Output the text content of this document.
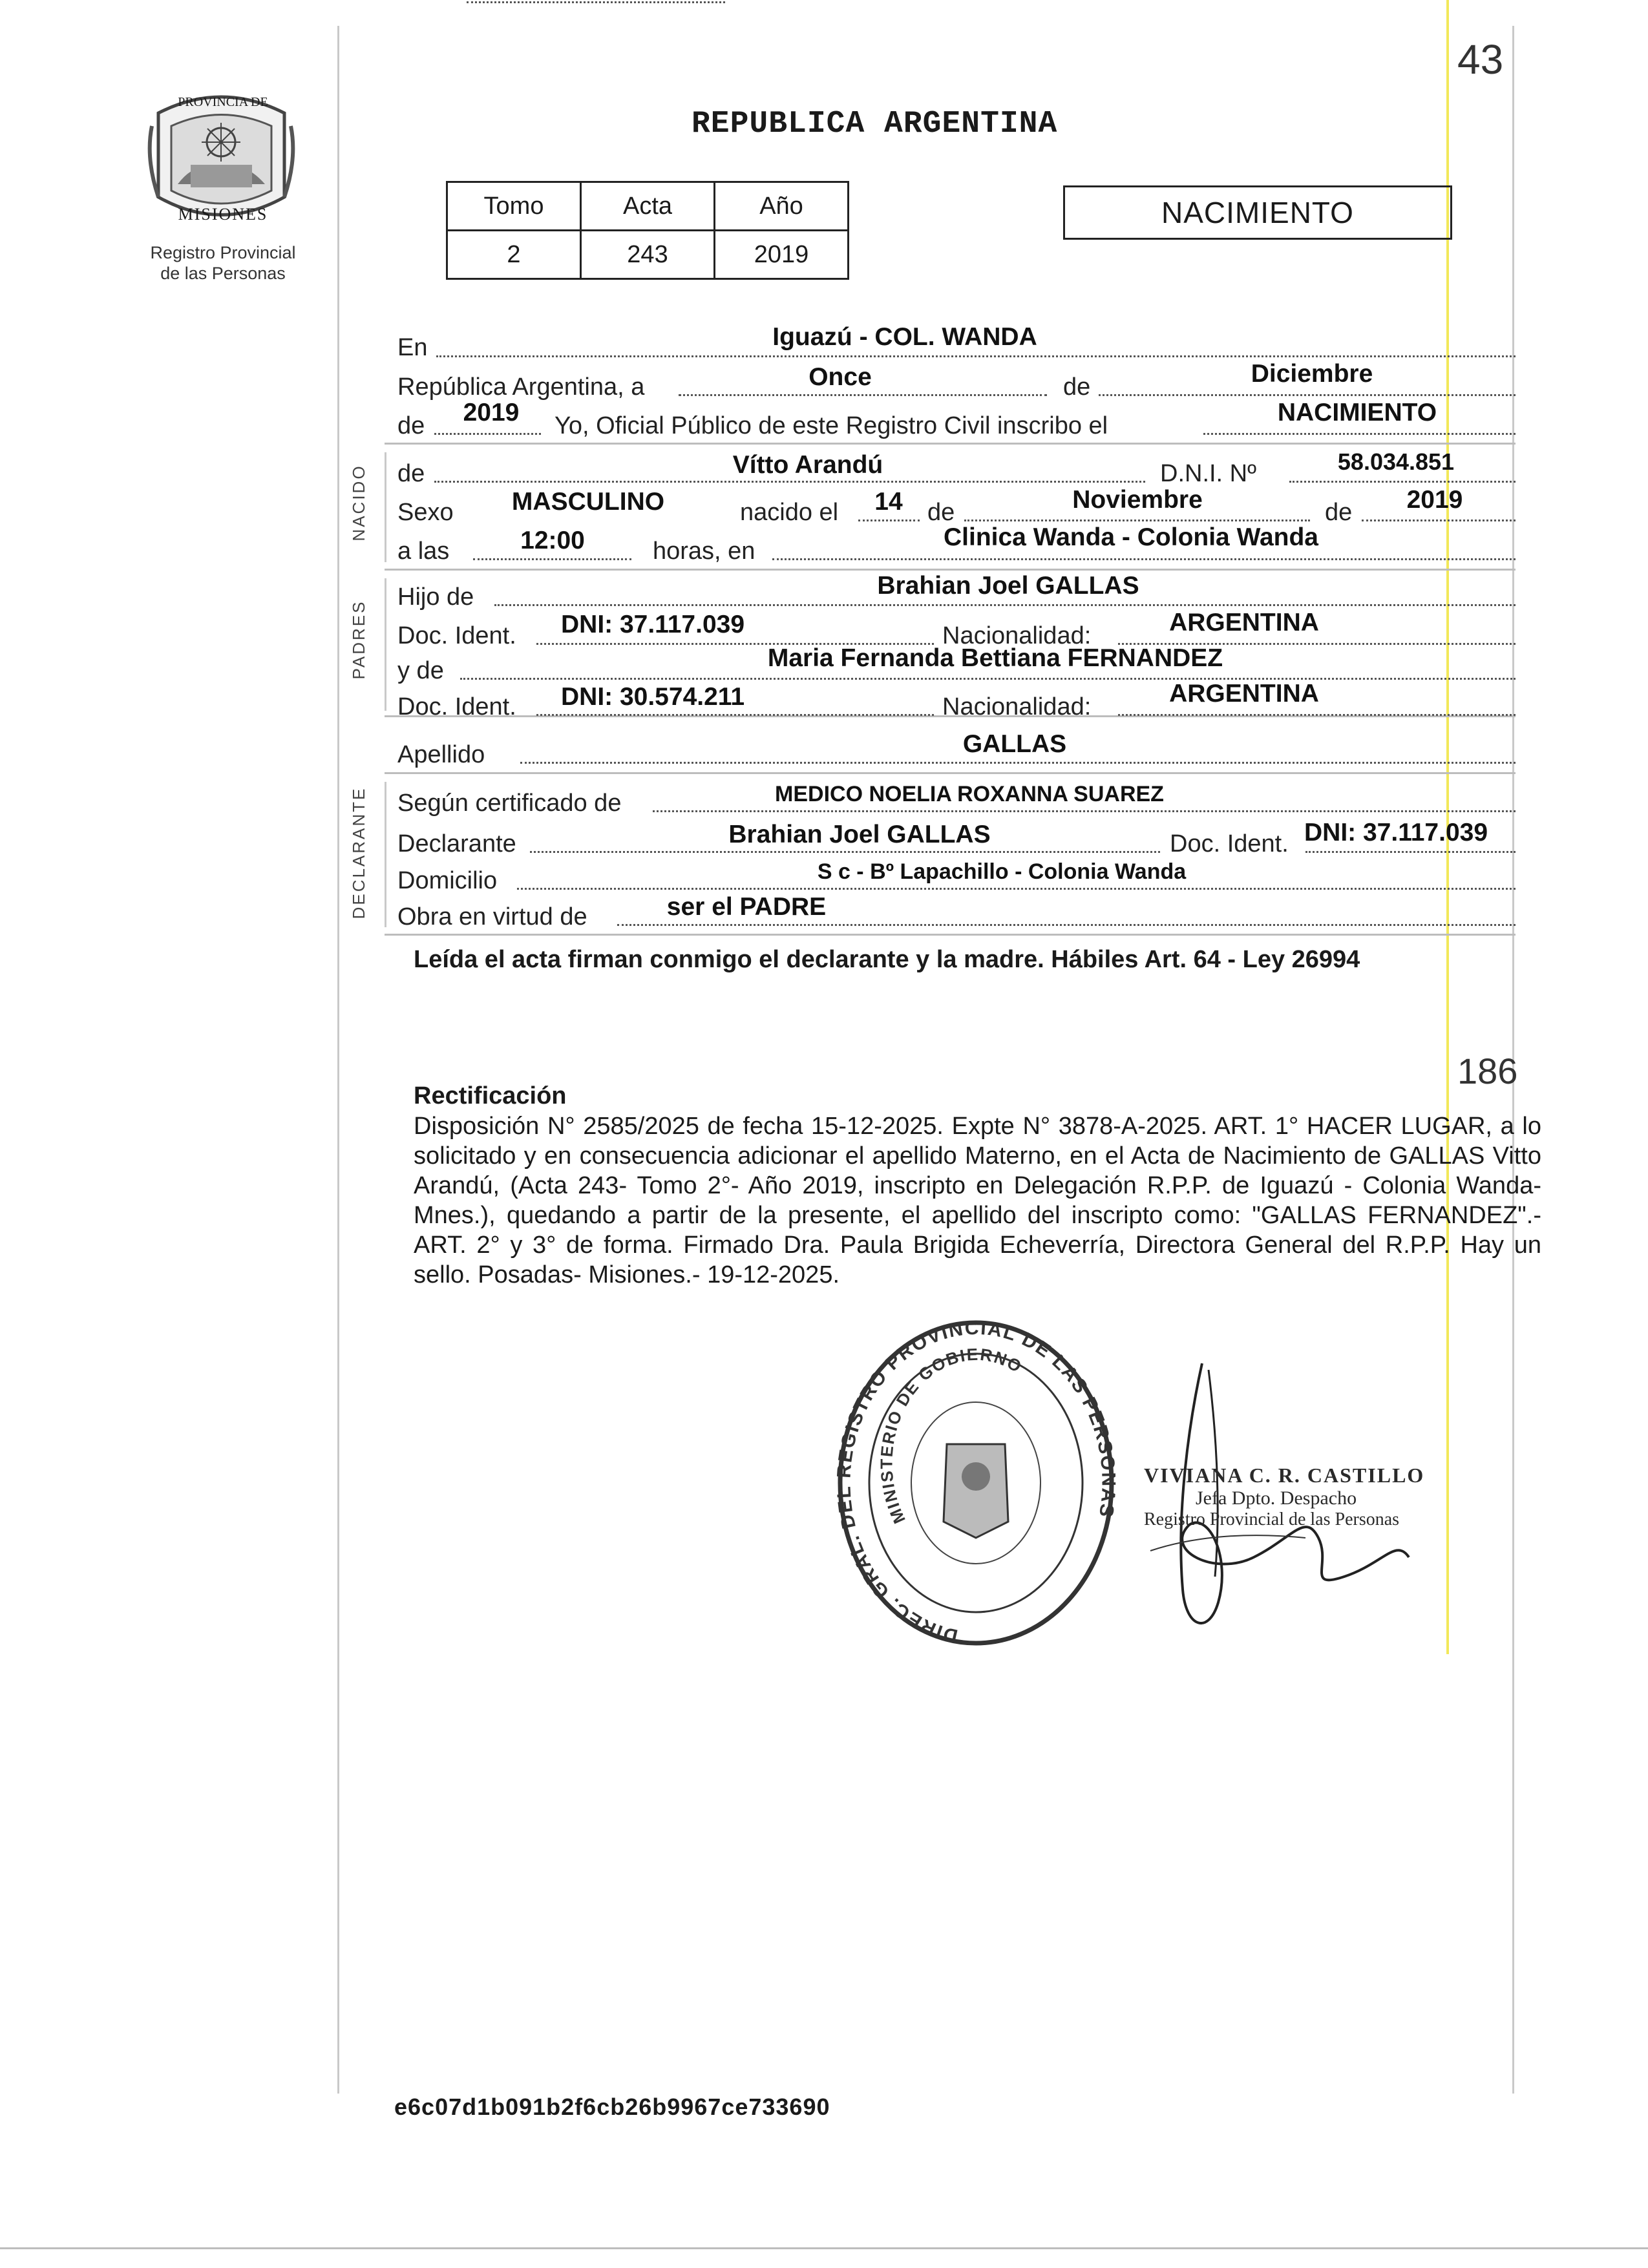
PROVINCIA DE
MISIONES
Registro Provincial
de las Personas
43
REPUBLICA ARGENTINA
Tomo	Acta	Año
2	243	2019
NACIMIENTO
NACIDO
PADRES
DECLARANTE
En	Iguazú - COL. WANDA
República Argentina, a	Once	de	Diciembre
de	2019	Yo, Oficial Público de este Registro Civil inscribo el	NACIMIENTO
de	Vítto Arandú	D.N.I. Nº	58.034.851
Sexo	MASCULINO	nacido el	14	de	Noviembre	de	2019
a las	12:00	horas, en	Clinica Wanda - Colonia Wanda
Hijo de	Brahian Joel GALLAS
Doc. Ident.	DNI: 37.117.039	Nacionalidad:	ARGENTINA
y de	Maria Fernanda Bettiana FERNANDEZ
Doc. Ident.	DNI: 30.574.211	Nacionalidad:	ARGENTINA
Apellido	GALLAS
Según certificado de	MEDICO NOELIA ROXANNA SUAREZ
Declarante	Brahian Joel GALLAS	Doc. Ident. DNI: 37.117.039
Domicilio	S c - Bº Lapachillo - Colonia Wanda
Obra en virtud de	ser el PADRE
Leída el acta firman conmigo el declarante y la madre. Hábiles Art. 64 - Ley 26994
186
Rectificación
Disposición N° 2585/2025 de fecha 15-12-2025. Expte N° 3878-A-2025. ART. 1° HACER LUGAR, a lo solicitado y en consecuencia adicionar el apellido Materno, en el Acta de Nacimiento de GALLAS Vitto Arandú, (Acta 243- Tomo 2°- Año 2019, inscripto en Delegación R.P.P. de Iguazú - Colonia Wanda-Mnes.), quedando a partir de la presente, el apellido del inscripto como: "GALLAS FERNANDEZ".- ART. 2° y 3° de forma. Firmado Dra. Paula Brigida Echeverría, Directora General del R.P.P. Hay un sello. Posadas- Misiones.- 19-12-2025.
DIREC. GRAL. DEL REGISTRO PROVINCIAL DE LAS PERSONAS
MINISTERIO DE GOBIERNO
VIVIANA C. R. CASTILLO
Jefa Dpto. Despacho
Registro Provincial de las Personas
e6c07d1b091b2f6cb26b9967ce733690
